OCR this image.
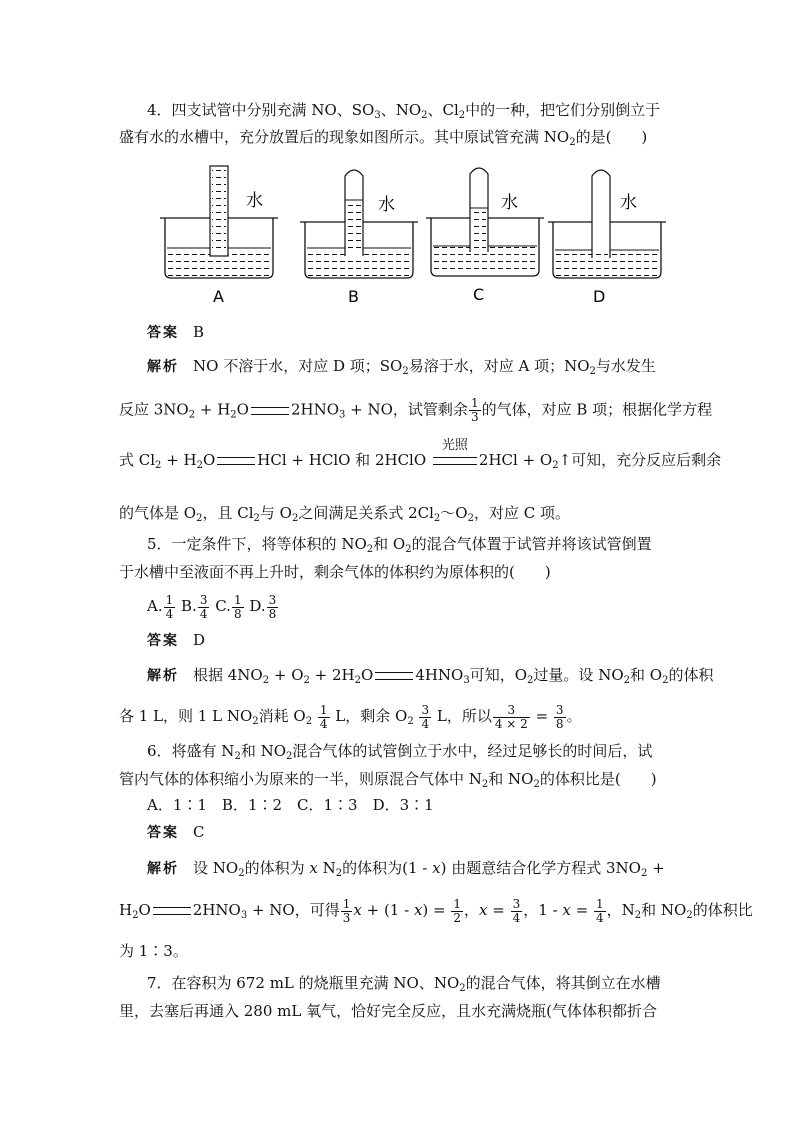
4．四支试管中分别充满 NO、$SO_3$、$NO_2$、$Cl_2$中的一种，把它们分别倒立于
盛有水的水槽中，充分放置后的现象如图所示。其中原试管充满 $NO_2$的是(　　)
水
A
水
B
水
C
水
D
答案 B
解析 NO 不溶于水，对应 D 项；$SO_2$易溶于水，对应 A 项；$NO_2$与水发生
反应 $3NO_2 + H_2O$	$2HNO_3$ + NO，试管剩余 $\frac{1}{3}$ 的气体，对应 B 项；根据化学方程
式 $Cl_2 + H_2O$	HCl + HClO 和 2HClO
光照
$2HCl + O_2↑$可知，充分反应后剩余
的气体是 $O_2$，且 $Cl_2$与 $O_2$之间满足关系式 $2Cl_2\sim O_2$，对应 C 项。
5．一定条件下，将等体积的 $NO_2$和 $O_2$的混合气体置于试管并将该试管倒置
于水槽中至液面不再上升时，剩余气体的体积约为原体积的(　　)
A. $\frac{1}{4} B$. $\frac{3}{4} C$. $\frac{1}{8} D$. $\frac{3}{8}$
答案 D
解析 根据 $4NO_2 + O_2 + 2H_2O$	$4HNO_3$可知，$O_2$过量。设 $NO_2$和 $O_2$的体积
各 1 L，则 1 L $NO_2$消耗 $O_2 \frac{1}{4}$ L，剩余 $O_2 \frac{3}{4}$ L，所以 $\frac{3}{4 \times 2} = \frac{3}{8}$ 。
6．将盛有 $N_2$和 $NO_2$混合气体的试管倒立于水中，经过足够长的时间后，试
管内气体的体积缩小为原来的一半，则原混合气体中 $N_2$和 $NO_2$的体积比是(　　)
A．1∶1　B．1∶2　C．1∶3　D．3∶1
答案 C
解析 设 $NO_2$的体积为 x $N_2$的体积为(1 - x) 由题意结合化学方程式 $3NO_2$ +
$H_2O$	$2HNO_3$ + NO，可得 $\frac{1}{3}$ $x + (1 - x) = \frac{1}{2}$ ，$x = \frac{3}{4}$ ，$1 - x = \frac{1}{4}$ ，$N_2$和 $NO_2$的体积比
为 1∶3。
7．在容积为 672 mL 的烧瓶里充满 NO、$NO_2$的混合气体，将其倒立在水槽
里，去塞后再通入 280 mL 氧气，恰好完全反应，且水充满烧瓶(气体体积都折合
